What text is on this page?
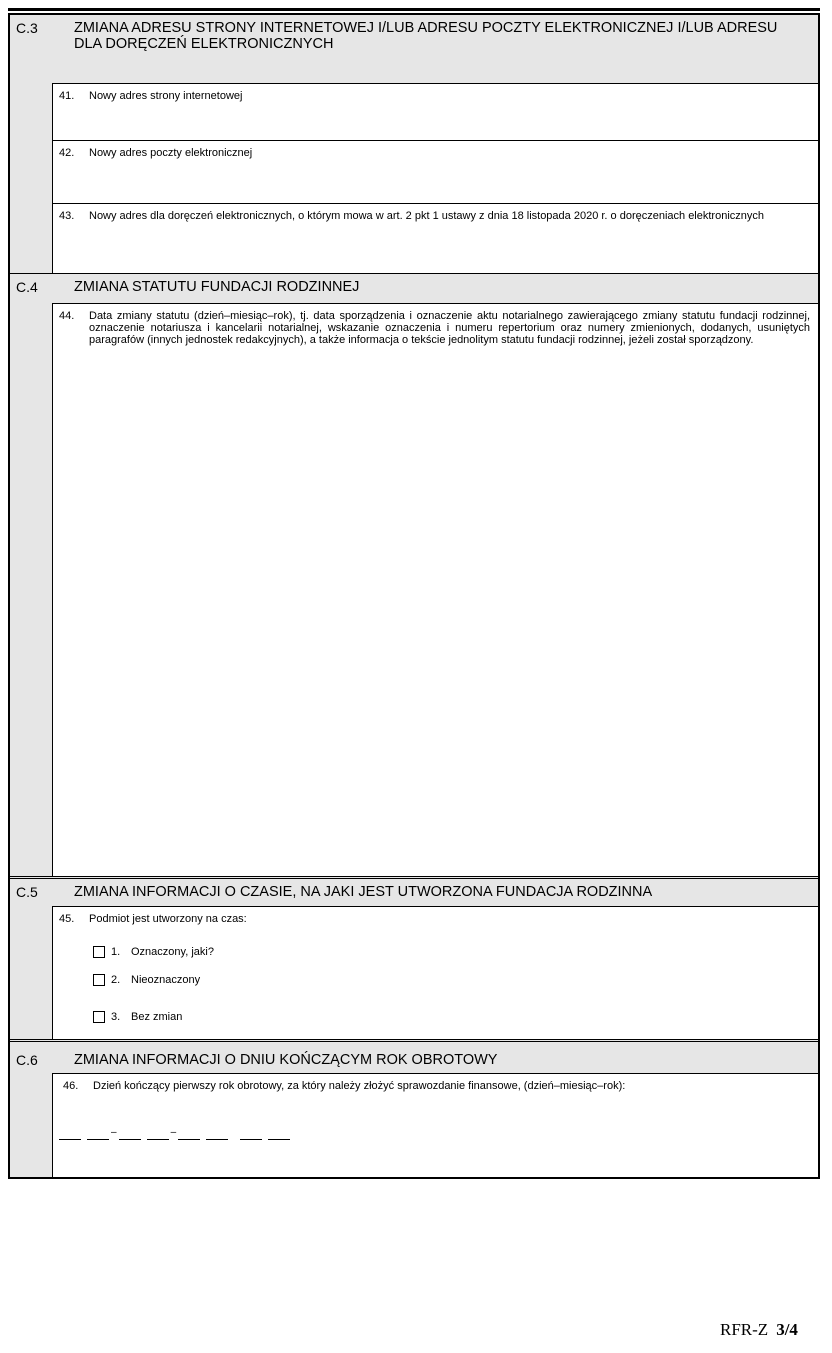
C.3	ZMIANA ADRESU STRONY INTERNETOWEJ I/LUB ADRESU POCZTY ELEKTRONICZNEJ I/LUB ADRESU DLA DORĘCZEŃ ELEKTRONICZNYCH
41.	Nowy adres strony internetowej
42.	Nowy adres poczty elektronicznej
43.	Nowy adres dla doręczeń elektronicznych, o którym mowa w art. 2 pkt 1 ustawy z dnia 18 listopada 2020 r. o doręczeniach elektronicznych
C.4	ZMIANA STATUTU FUNDACJI RODZINNEJ
44.	Data zmiany statutu (dzień–miesiąc–rok), tj. data sporządzenia i oznaczenie aktu notarialnego zawierającego zmiany statutu fundacji rodzinnej, oznaczenie notariusza i kancelarii notarialnej, wskazanie oznaczenia i numeru repertorium oraz numery zmienionych, dodanych, usuniętych paragrafów (innych jednostek redakcyjnych), a także informacja o tekście jednolitym statutu fundacji rodzinnej, jeżeli został sporządzony.
C.5	ZMIANA INFORMACJI O CZASIE, NA JAKI JEST UTWORZONA FUNDACJA RODZINNA
45.	Podmiot jest utworzony na czas:
1. Oznaczony, jaki?
2. Nieoznaczony
3. Bez zmian
C.6	ZMIANA INFORMACJI O DNIU KOŃCZĄCYM ROK OBROTOWY
46.	Dzień kończący pierwszy rok obrotowy, za który należy złożyć sprawozdanie finansowe, (dzień–miesiąc–rok):
–	–
RFR-Z 3/4
